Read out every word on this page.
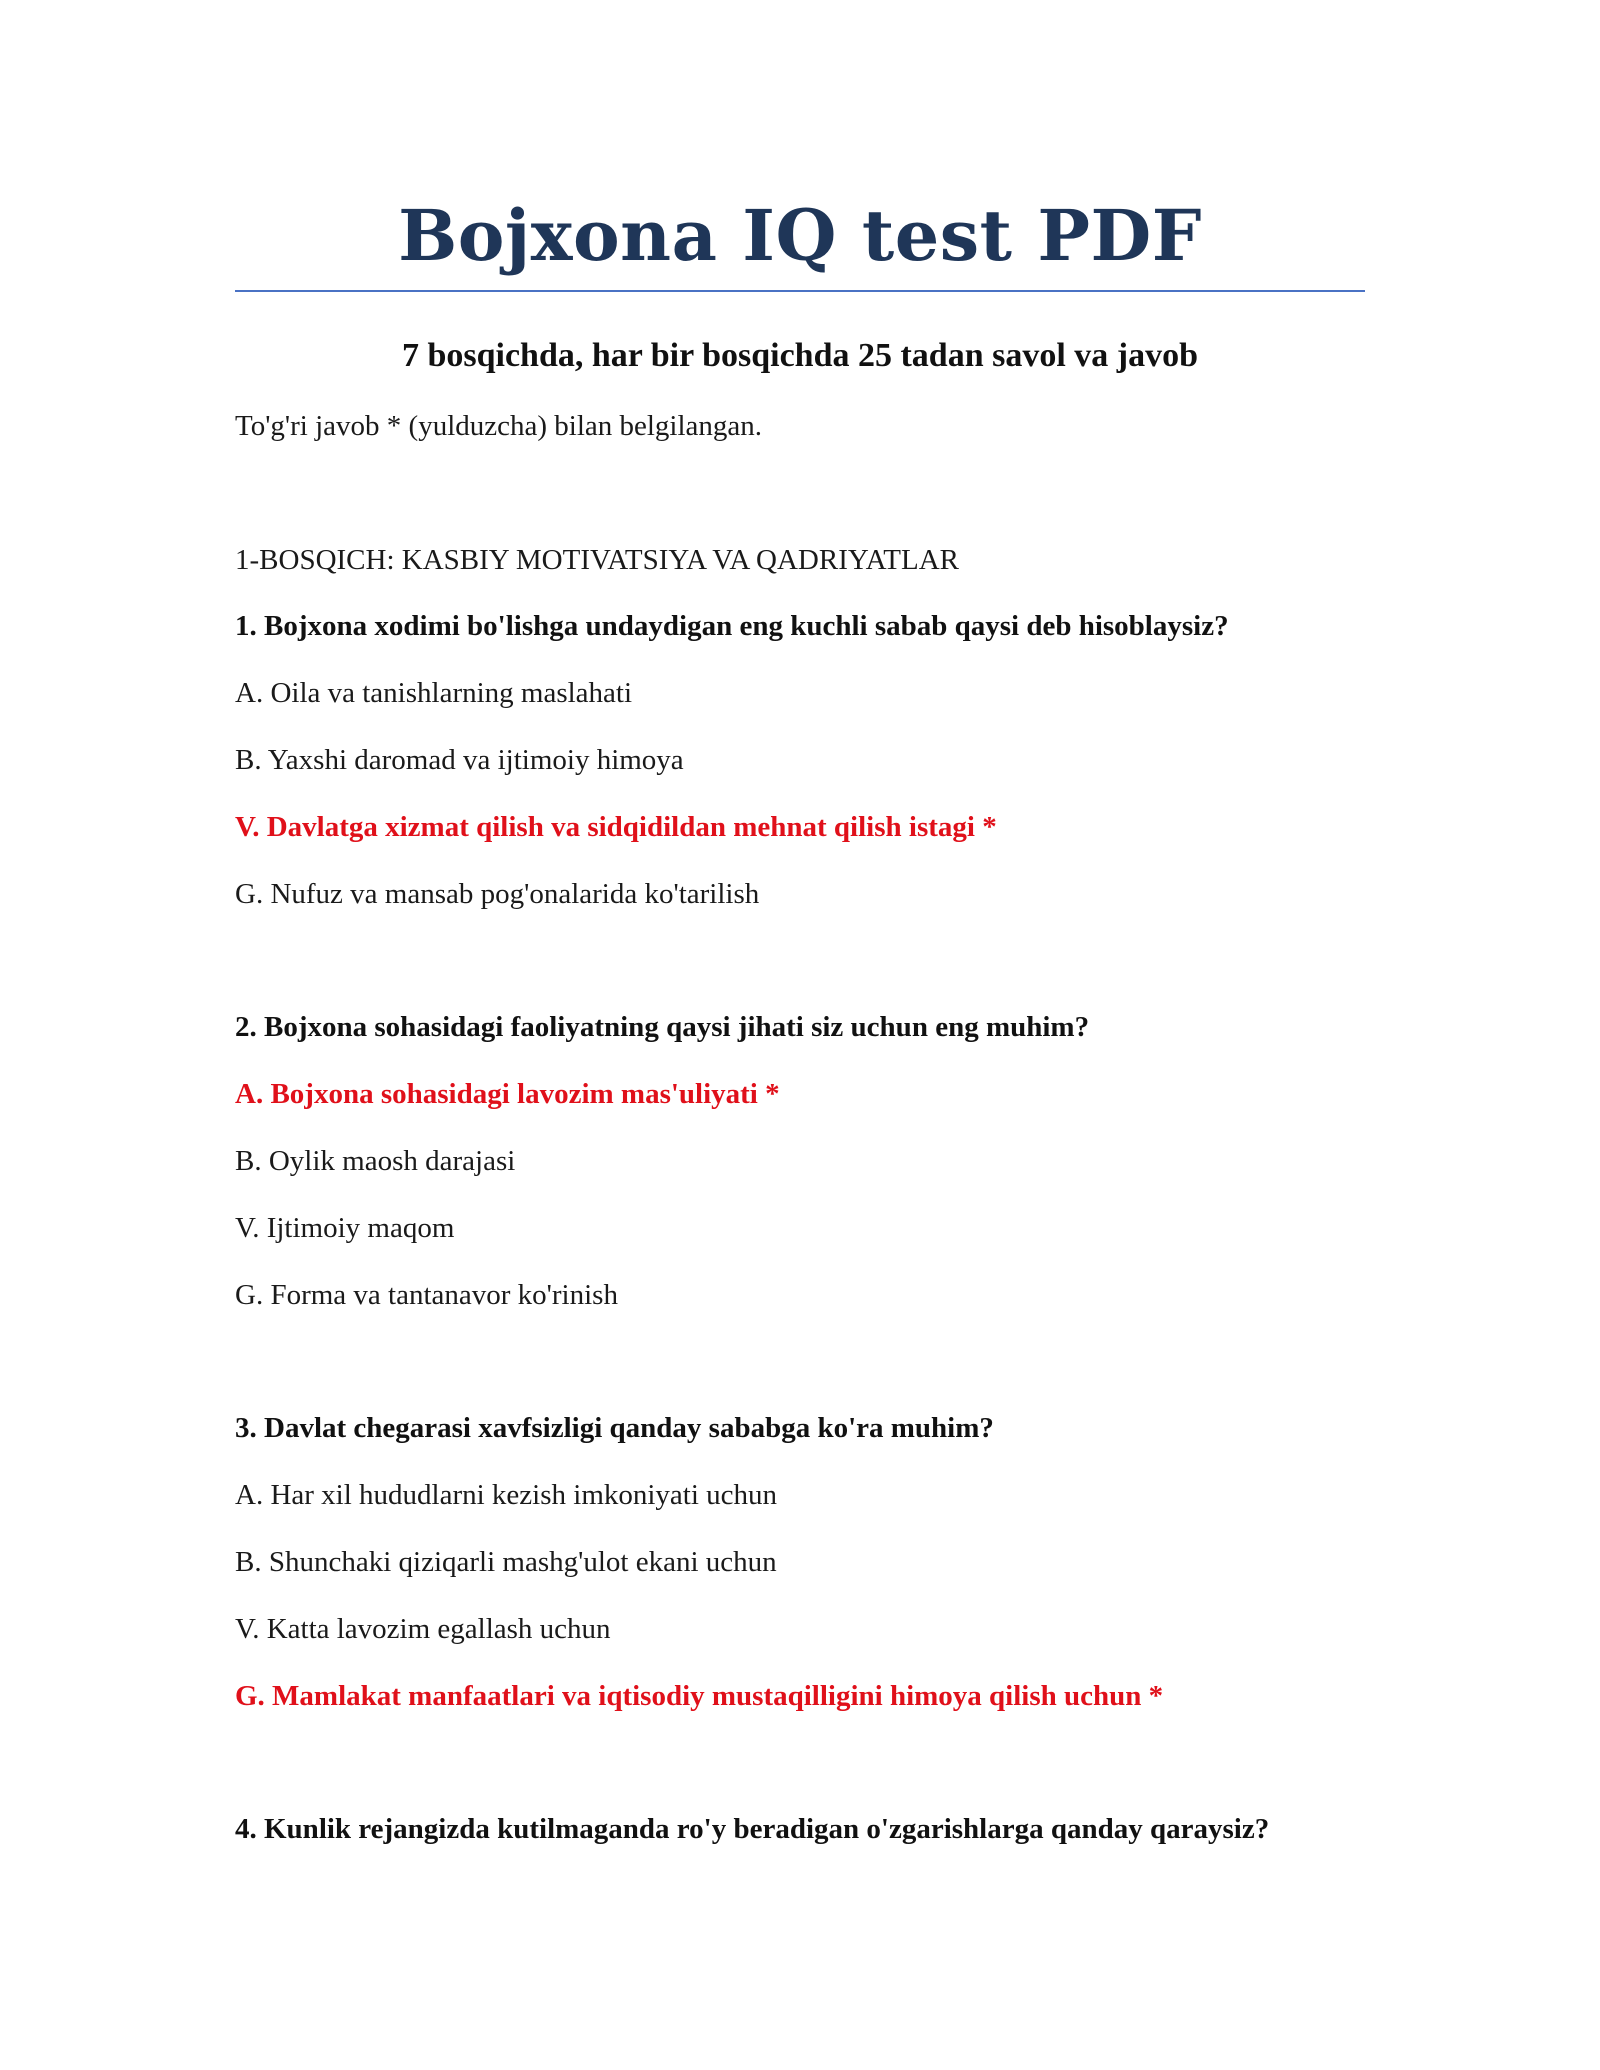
Bojxona IQ test PDF
7 bosqichda, har bir bosqichda 25 tadan savol va javob
To'g'ri javob * (yulduzcha) bilan belgilangan.
1-BOSQICH: KASBIY MOTIVATSIYA VA QADRIYATLAR
1. Bojxona xodimi bo'lishga undaydigan eng kuchli sabab qaysi deb hisoblaysiz?
A. Oila va tanishlarning maslahati
B. Yaxshi daromad va ijtimoiy himoya
V. Davlatga xizmat qilish va sidqidildan mehnat qilish istagi *
G. Nufuz va mansab pog'onalarida ko'tarilish
2. Bojxona sohasidagi faoliyatning qaysi jihati siz uchun eng muhim?
A. Bojxona sohasidagi lavozim mas'uliyati *
B. Oylik maosh darajasi
V. Ijtimoiy maqom
G. Forma va tantanavor ko'rinish
3. Davlat chegarasi xavfsizligi qanday sababga ko'ra muhim?
A. Har xil hududlarni kezish imkoniyati uchun
B. Shunchaki qiziqarli mashg'ulot ekani uchun
V. Katta lavozim egallash uchun
G. Mamlakat manfaatlari va iqtisodiy mustaqilligini himoya qilish uchun *
4. Kunlik rejangizda kutilmaganda ro'y beradigan o'zgarishlarga qanday qaraysiz?
